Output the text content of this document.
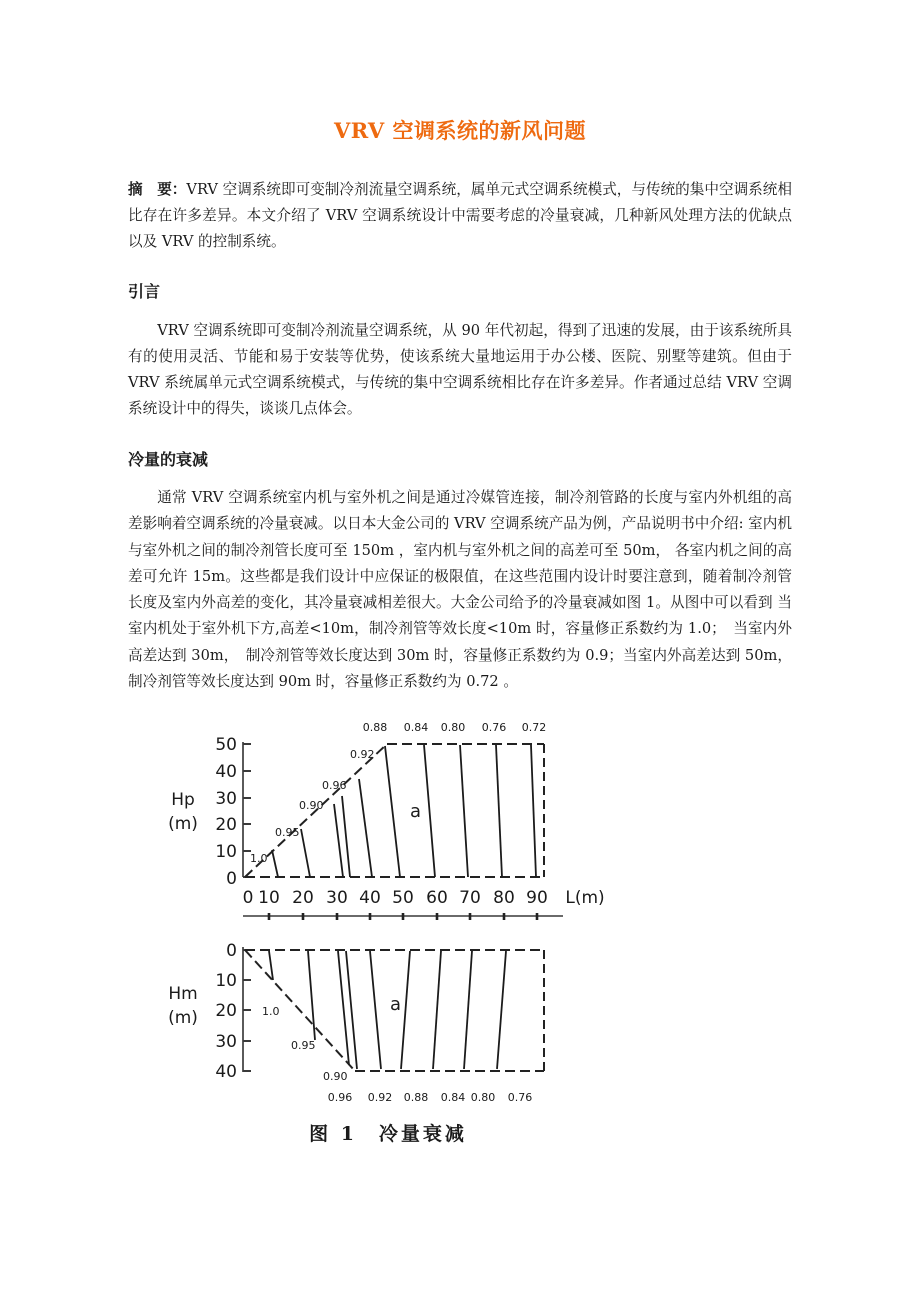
VRV 空调系统的新风问题

摘　要：VRV 空调系统即可变制冷剂流量空调系统，属单元式空调系统模式，与传统的集中空调系统相比存在许多差异。本文介绍了 VRV 空调系统设计中需要考虑的冷量衰减，几种新风处理方法的优缺点以及 VRV 的控制系统。

引言

VRV 空调系统即可变制冷剂流量空调系统，从 90 年代初起，得到了迅速的发展，由于该系统所具有的使用灵活、节能和易于安装等优势，使该系统大量地运用于办公楼、医院、别墅等建筑。但由于 VRV 系统属单元式空调系统模式，与传统的集中空调系统相比存在许多差异。作者通过总结 VRV 空调系统设计中的得失，谈谈几点体会。

冷量的衰减

通常 VRV 空调系统室内机与室外机之间是通过冷媒管连接，制冷剂管路的长度与室内外机组的高差影响着空调系统的冷量衰减。以日本大金公司的 VRV 空调系统产品为例，产品说明书中介绍: 室内机与室外机之间的制冷剂管长度可至 150m ，室内机与室外机之间的高差可至 50m， 各室内机之间的高差可允许 15m。这些都是我们设计中应保证的极限值，在这些范围内设计时要注意到，随着制冷剂管长度及室内外高差的变化，其冷量衰减相差很大。大金公司给予的冷量衰减如图 1。从图中可以看到 当室内机处于室外机下方,高差<10m，制冷剂管等效长度<10m 时，容量修正系数约为 1.0；　当室内外高差达到 30m，　制冷剂管等效长度达到 30m 时，容量修正系数约为 0.9；当室内外高差达到 50m，制冷剂管等效长度达到 90m 时，容量修正系数约为 0.72 。

0.88 0.84 0.80 0.76 0.72
50
40
30
20
10
0
Hp
(m)
1.0
0.95
0.90
0.96
0.92
a
0 10 20 30 40 50 60 70 80 90 L(m)
0
10
20
30
40
Hm
(m)	1.0
0.95
0.90
a
0.96 0.92 0.88 0.84 0.80 0.76
图 1　冷量衰减
